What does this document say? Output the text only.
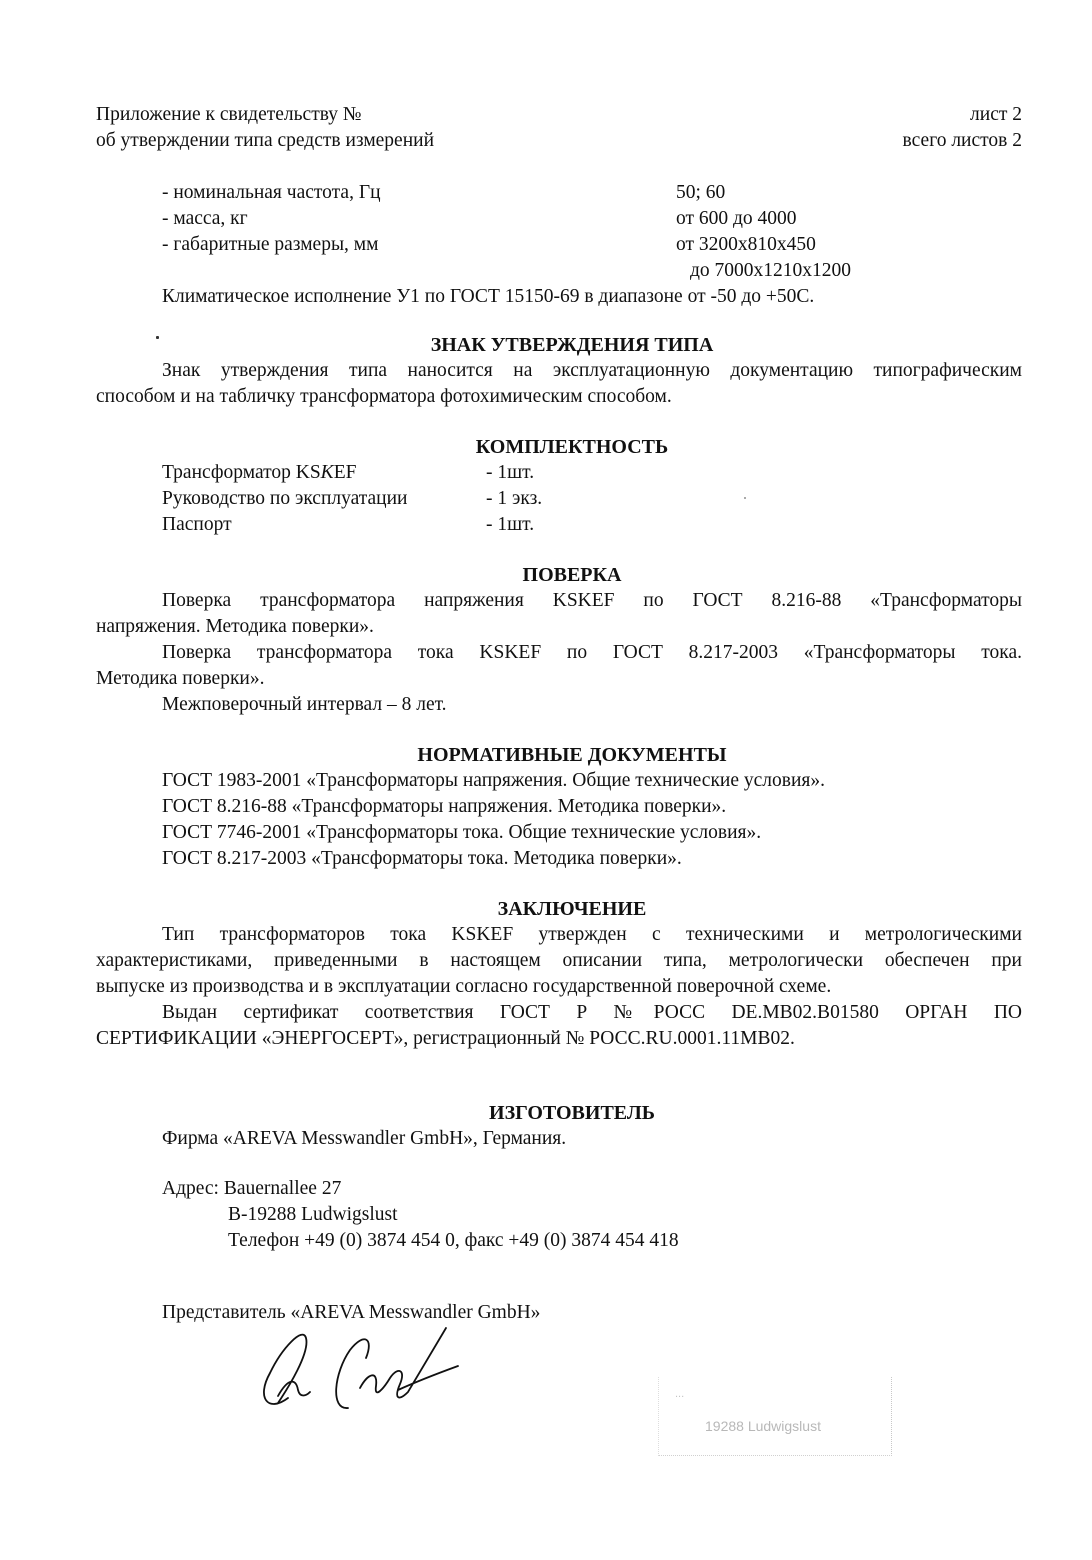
Приложение к свидетельству №
об утверждении типа средств измерений
лист 2
всего листов 2
- номинальная частота, Гц	50; 60
- масса, кг	от 600 до 4000
- габаритные размеры, мм	от 3200x810x450
до 7000x1210x1200
Климатическое исполнение У1 по ГОСТ 15150-69 в диапазоне от -50 до +50С.
ЗНАК УТВЕРЖДЕНИЯ ТИПА
Знак утверждения типа наносится на эксплуатационную документацию типографическим
способом и на табличку трансформатора фотохимическим способом.
КОМПЛЕКТНОСТЬ
Трансформатор KSKEF	- 1шт.
Руководство по эксплуатации	- 1 экз.
Паспорт	- 1шт.
ПОВЕРКА
Поверка трансформатора напряжения KSKEF по ГОСТ 8.216-88 «Трансформаторы
напряжения. Методика поверки».
Поверка трансформатора тока KSKEF по ГОСТ 8.217-2003 «Трансформаторы тока.
Методика поверки».
Межповерочный интервал – 8 лет.
НОРМАТИВНЫЕ ДОКУМЕНТЫ
ГОСТ 1983-2001 «Трансформаторы напряжения. Общие технические условия».
ГОСТ 8.216-88 «Трансформаторы напряжения. Методика поверки».
ГОСТ 7746-2001 «Трансформаторы тока. Общие технические условия».
ГОСТ 8.217-2003 «Трансформаторы тока. Методика поверки».
ЗАКЛЮЧЕНИЕ
Тип трансформаторов тока KSKEF утвержден с техническими и метрологическими
характеристиками, приведенными в настоящем описании типа, метрологически обеспечен при
выпуске из производства и в эксплуатации согласно государственной поверочной схеме.
Выдан сертификат соответствия ГОСТ Р №РОСС DE.MB02.B01580 ОРГАН ПО
СЕРТИФИКАЦИИ «ЭНЕРГОСЕРТ», регистрационный № РОСС.RU.0001.11MB02.
ИЗГОТОВИТЕЛЬ
Фирма «AREVA Messwandler GmbH», Германия.
Адрес: Bauernallee 27
B-19288 Ludwigslust
Телефон +49 (0) 3874 454 0, факс +49 (0) 3874 454 418
Представитель «AREVA Messwandler GmbH»
...
19288 Ludwigslust
